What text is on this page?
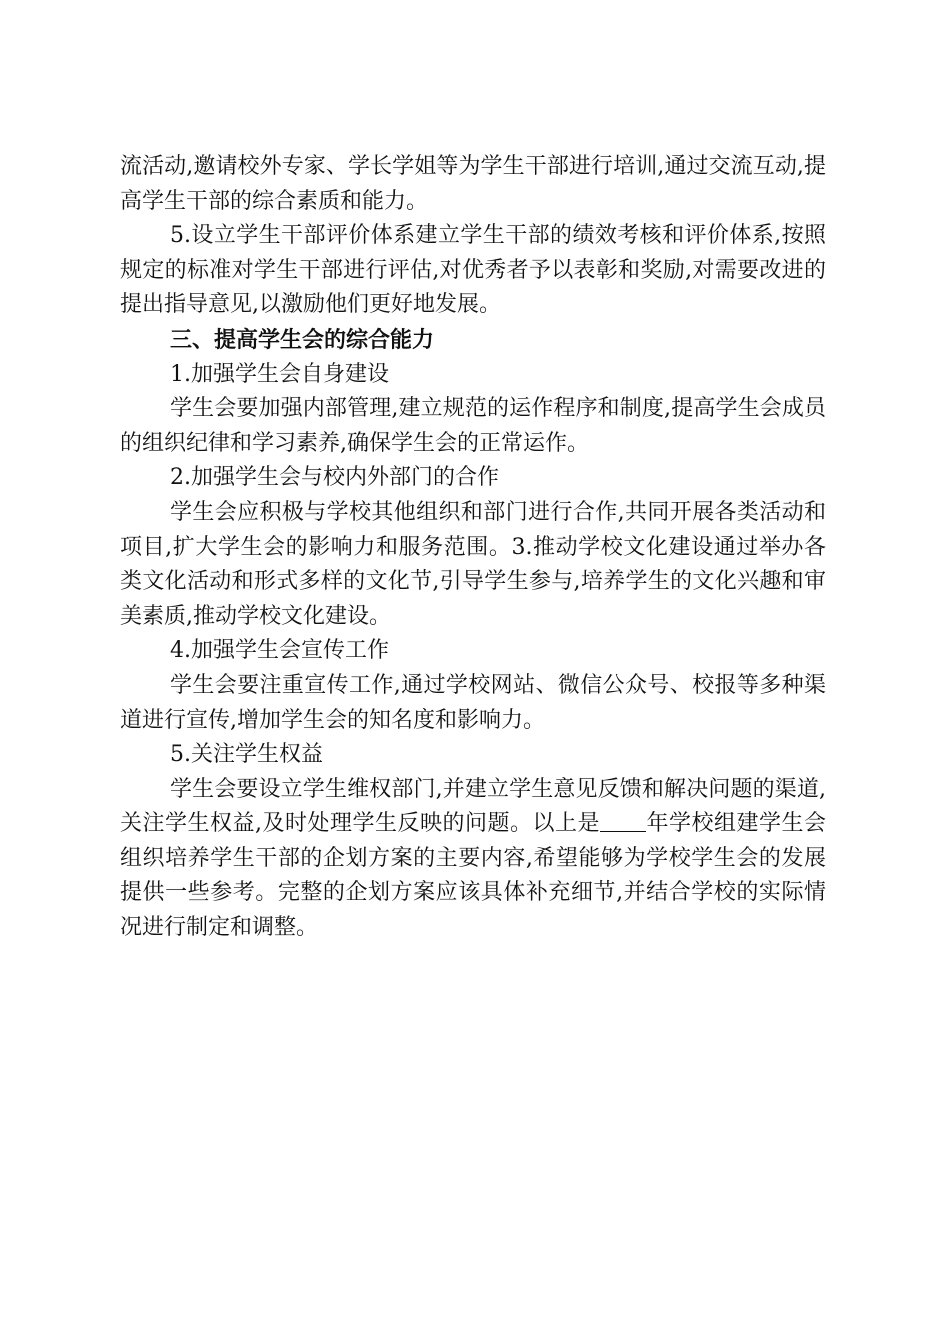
流活动,邀请校外专家、学长学姐等为学生干部进行培训,通过交流互动,提高学生干部的综合素质和能力。

5.设立学生干部评价体系建立学生干部的绩效考核和评价体系,按照规定的标准对学生干部进行评估,对优秀者予以表彰和奖励,对需要改进的提出指导意见,以激励他们更好地发展。

三、提高学生会的综合能力

1.加强学生会自身建设

学生会要加强内部管理,建立规范的运作程序和制度,提高学生会成员的组织纪律和学习素养,确保学生会的正常运作。

2.加强学生会与校内外部门的合作

学生会应积极与学校其他组织和部门进行合作,共同开展各类活动和项目,扩大学生会的影响力和服务范围。3.推动学校文化建设通过举办各类文化活动和形式多样的文化节,引导学生参与,培养学生的文化兴趣和审美素质,推动学校文化建设。

4.加强学生会宣传工作

学生会要注重宣传工作,通过学校网站、微信公众号、校报等多种渠道进行宣传,增加学生会的知名度和影响力。

5.关注学生权益

学生会要设立学生维权部门,并建立学生意见反馈和解决问题的渠道,关注学生权益,及时处理学生反映的问题。以上是 年学校组建学生会组织培养学生干部的企划方案的主要内容,希望能够为学校学生会的发展提供一些参考。完整的企划方案应该具体补充细节,并结合学校的实际情况进行制定和调整。
